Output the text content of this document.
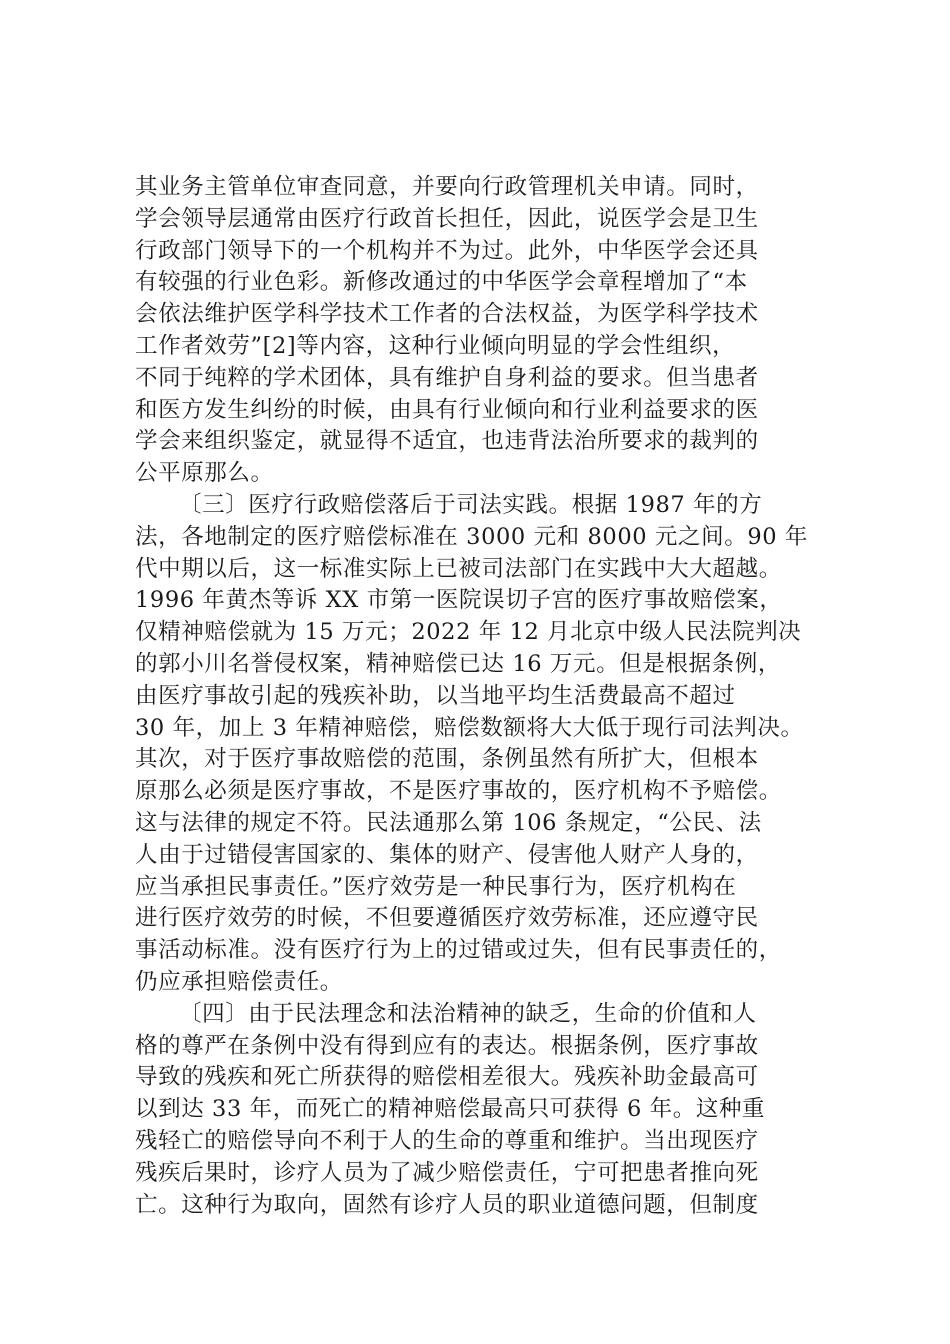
其业务主管单位审查同意，并要向行政管理机关申请。同时，
学会领导层通常由医疗行政首长担任，因此，说医学会是卫生
行政部门领导下的一个机构并不为过。此外，中华医学会还具
有较强的行业色彩。新修改通过的中华医学会章程增加了“本
会依法维护医学科学技术工作者的合法权益，为医学科学技术
工作者效劳”[2]等内容，这种行业倾向明显的学会性组织，
不同于纯粹的学术团体，具有维护自身利益的要求。但当患者
和医方发生纠纷的时候，由具有行业倾向和行业利益要求的医
学会来组织鉴定，就显得不适宜，也违背法治所要求的裁判的
公平原那么。
〔三〕医疗行政赔偿落后于司法实践。根据 1987 年的方
法，各地制定的医疗赔偿标准在 3000 元和 8000 元之间。90 年
代中期以后，这一标准实际上已被司法部门在实践中大大超越。
1996 年黄杰等诉 XX 市第一医院误切子宫的医疗事故赔偿案，
仅精神赔偿就为 15 万元；2022 年 12 月北京中级人民法院判决
的郭小川名誉侵权案，精神赔偿已达 16 万元。但是根据条例，
由医疗事故引起的残疾补助，以当地平均生活费最高不超过
30 年，加上 3 年精神赔偿，赔偿数额将大大低于现行司法判决。
其次，对于医疗事故赔偿的范围，条例虽然有所扩大，但根本
原那么必须是医疗事故，不是医疗事故的，医疗机构不予赔偿。
这与法律的规定不符。民法通那么第 106 条规定，“公民、法
人由于过错侵害国家的、集体的财产、侵害他人财产人身的，
应当承担民事责任。”医疗效劳是一种民事行为，医疗机构在
进行医疗效劳的时候，不但要遵循医疗效劳标准，还应遵守民
事活动标准。没有医疗行为上的过错或过失，但有民事责任的，
仍应承担赔偿责任。
〔四〕由于民法理念和法治精神的缺乏，生命的价值和人
格的尊严在条例中没有得到应有的表达。根据条例，医疗事故
导致的残疾和死亡所获得的赔偿相差很大。残疾补助金最高可
以到达 33 年，而死亡的精神赔偿最高只可获得 6 年。这种重
残轻亡的赔偿导向不利于人的生命的尊重和维护。当出现医疗
残疾后果时，诊疗人员为了减少赔偿责任，宁可把患者推向死
亡。这种行为取向，固然有诊疗人员的职业道德问题，但制度
